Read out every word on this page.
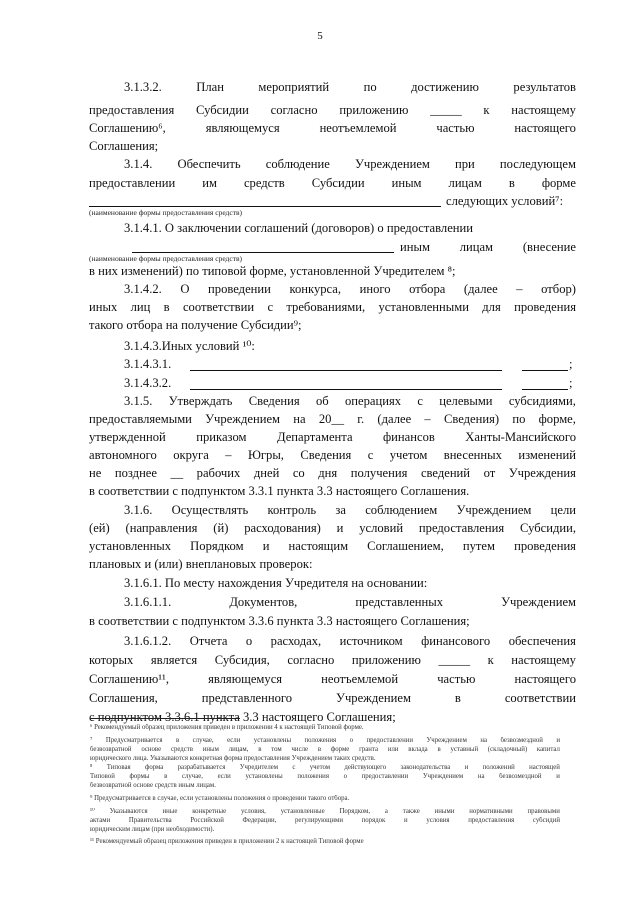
5
3.1.3.2.	План	мероприятий	по	достижению	результатов
предоставления Субсидии согласно приложению _____ к настоящему
Соглашению⁶,	являющемуся	неотъемлемой	частью	настоящего
Соглашения;
3.1.4. Обеспечить соблюдение Учреждением при последующем
предоставлении им средств Субсидии иным лицам в форме
следующих условий⁷:
(наименование формы предоставления средств)
3.1.4.1. О заключении соглашений (договоров) о предоставлении
иным лицам (внесение
(наименование формы предоставления средств)
в них изменений) по типовой форме, установленной Учредителем ⁸;
3.1.4.2. О проведении конкурса, иного отбора (далее – отбор)
иных лиц в соответствии с требованиями, установленными для проведения
такого отбора на получение Субсидии⁹;
3.1.4.3.Иных условий ¹⁰:
3.1.4.3.1.	;
3.1.4.3.2.	;
3.1.5. Утверждать Сведения об операциях с целевыми субсидиями,
предоставляемыми Учреждением на 20__ г. (далее – Сведения) по форме,
утвержденной приказом Департамента финансов Ханты-Мансийского
автономного округа – Югры, Сведения с учетом внесенных изменений
не позднее __ рабочих дней со дня получения сведений от Учреждения
в соответствии с подпунктом 3.3.1 пункта 3.3 настоящего Соглашения.
3.1.6. Осуществлять контроль за соблюдением Учреждением цели
(ей) (направления (й) расходования) и условий предоставления Субсидии,
установленных Порядком и настоящим Соглашением, путем проведения
плановых и (или) внеплановых проверок:
3.1.6.1. По месту нахождения Учредителя на основании:
3.1.6.1.1.	Документов,	представленных	Учреждением
в соответствии с подпунктом 3.3.6 пункта 3.3 настоящего Соглашения;
3.1.6.1.2. Отчета о расходах, источником финансового обеспечения
которых является Субсидия, согласно приложению _____ к настоящему
Соглашению¹¹,	являющемуся	неотъемлемой	частью	настоящего
Соглашения,	представленного	Учреждением	в	соответствии
с подпунктом 3.3.6.1 пункта 3.3 настоящего Соглашения;
⁶ Рекомендуемый образец приложения приведен в приложении 4 к настоящей Типовой форме.
⁷ Предусматривается в случае, если установлены положения о предоставлении Учреждением на безвозмездной и
безвозвратной основе средств иным лицам, в том числе в форме гранта или вклада в уставный (складочный) капитал
юридического лица. Указываются конкретная форма предоставления Учреждением таких средств.
⁸ Типовая форма разрабатывается Учредителем с учетом действующего законодательства и положений настоящей
Типовой формы в случае, если установлены положения о предоставлении Учреждением на безвозмездной и
безвозвратной основе средств иным лицам.
⁹ Предусматривается в случае, если установлены положения о проведении такого отбора.
¹⁰ Указываются иные конкретные условия, установленные Порядком, а также иными нормативными правовыми
актами	Правительства	Российской	Федерации,	регулирующими	порядок	и	условия	предоставления	субсидий
юридическим лицам (при необходимости).
¹¹ Рекомендуемый образец приложения приведен в приложении 2 к настоящей Типовой форме
